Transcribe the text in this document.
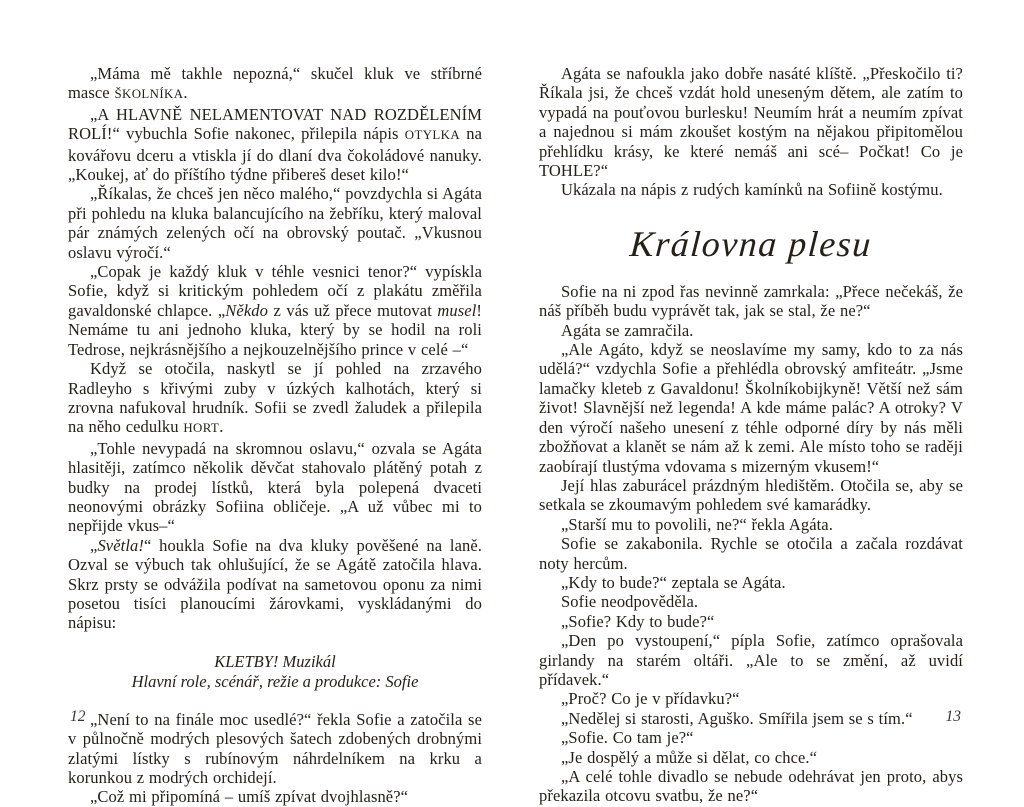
„Máma mě takhle nepozná,“ skučel kluk ve stříbrné masce ŠKOLNÍKA.

„A HLAVNĚ NELAMENTOVAT NAD ROZDĚLENÍM ROLÍ!“ vybuchla Sofie nakonec, přilepila nápis OTYLKA na kovářovu dceru a vtiskla jí do dlaní dva čokoládové nanuky. „Koukej, ať do příštího týdne přibereš deset kilo!“

„Říkalas, že chceš jen něco malého,“ povzdychla si Agáta při pohledu na kluka balancujícího na žebříku, který maloval pár známých zelených očí na obrovský poutač. „Vkusnou oslavu výročí.“

„Copak je každý kluk v téhle vesnici tenor?“ vypískla Sofie, když si kritickým pohledem očí z plakátu změřila gavaldonské chlapce. „Někdo z vás už přece mutovat musel! Nemáme tu ani jednoho kluka, který by se hodil na roli Tedrose, nejkrásnějšího a nejkouzelnějšího prince v celé –“

Když se otočila, naskytl se jí pohled na zrzavého Radleyho s křivými zuby v úzkých kalhotách, který si zrovna nafukoval hrudník. Sofii se zvedl žaludek a přilepila na něho cedulku HORT.

„Tohle nevypadá na skromnou oslavu,“ ozvala se Agáta hlasitěji, zatímco několik děvčat stahovalo plátěný potah z budky na prodej lístků, která byla polepená dvaceti neonovými obrázky Sofiina obličeje. „A už vůbec mi to nepřijde vkus–“

„Světla!“ houkla Sofie na dva kluky pověšené na laně. Ozval se výbuch tak ohlušující, že se Agátě zatočila hlava. Skrz prsty se odvážila podívat na sametovou oponu za nimi posetou tisíci planoucími žárovkami, vyskládanými do nápisu:

KLETBY! Muzikál
Hlavní role, scénář, režie a produkce: Sofie

„Není to na finále moc usedlé?“ řekla Sofie a zatočila se v půlnočně modrých plesových šatech zdobených drobnými zlatými lístky s rubínovým náhrdelníkem na krku a korunkou z modrých orchidejí.

„Což mi připomíná – umíš zpívat dvojhlasně?“

12

Agáta se nafoukla jako dobře nasáté klíště. „Přeskočilo ti? Říkala jsi, že chceš vzdát hold uneseným dětem, ale zatím to vypadá na pouťovou burlesku! Neumím hrát a neumím zpívat a najednou si mám zkoušet kostým na nějakou připitomělou přehlídku krásy, ke které nemáš ani scé– Počkat! Co je TOHLE?“

Ukázala na nápis z rudých kamínků na Sofiině kostýmu.

Královna plesu

Sofie na ni zpod řas nevinně zamrkala: „Přece nečekáš, že náš příběh budu vyprávět tak, jak se stal, že ne?“

Agáta se zamračila.

„Ale Agáto, když se neoslavíme my samy, kdo to za nás udělá?“ vzdychla Sofie a přehlédla obrovský amfiteátr. „Jsme lamačky kleteb z Gavaldonu! Školníkobijkyně! Větší než sám život! Slavnější než legenda! A kde máme palác? A otroky? V den výročí našeho unesení z téhle odporné díry by nás měli zbožňovat a klanět se nám až k zemi. Ale místo toho se raději zaobírají tlustýma vdovama s mizerným vkusem!“

Její hlas zaburácel prázdným hledištěm. Otočila se, aby se setkala se zkoumavým pohledem své kamarádky.

„Starší mu to povolili, ne?“ řekla Agáta.

Sofie se zakabonila. Rychle se otočila a začala rozdávat noty hercům.

„Kdy to bude?“ zeptala se Agáta.

Sofie neodpověděla.

„Sofie? Kdy to bude?“

„Den po vystoupení,“ pípla Sofie, zatímco oprašovala girlandy na starém oltáři. „Ale to se změní, až uvidí přídavek.“

„Proč? Co je v přídavku?“

„Nedělej si starosti, Aguško. Smířila jsem se s tím.“

„Sofie. Co tam je?“

„Je dospělý a může si dělat, co chce.“

„A celé tohle divadlo se nebude odehrávat jen proto, abys překazila otcovu svatbu, že ne?“

13
